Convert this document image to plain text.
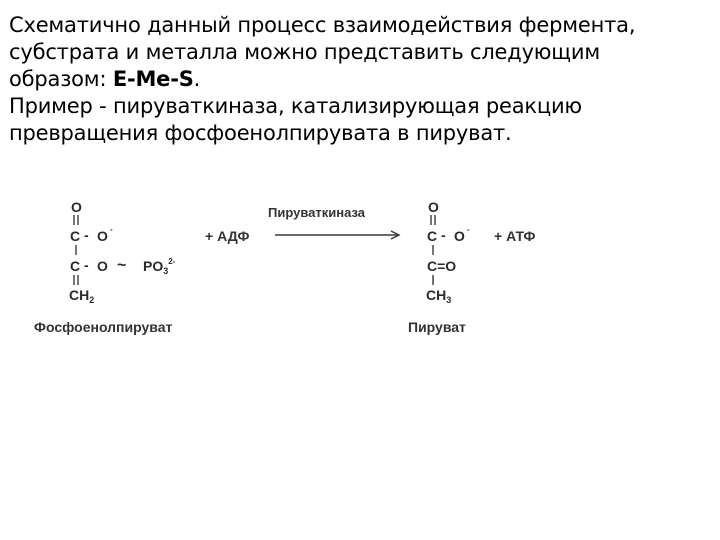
Схематично данный процесс взаимодействия фермента,
субстрата и металла можно представить следующим
образом: E-Me-S.
Пример - пируваткиназа, катализирующая реакцию
превращения фосфоенолпирувата в пируват.
O
C - O -
C - O ~ $PO_3^{2-}$
$CH_2$
Фосфоенолпируват
+ АДФ
Пируваткиназа	O
C - O -
C=O
$CH_3$
Пируват
+ АТФ
